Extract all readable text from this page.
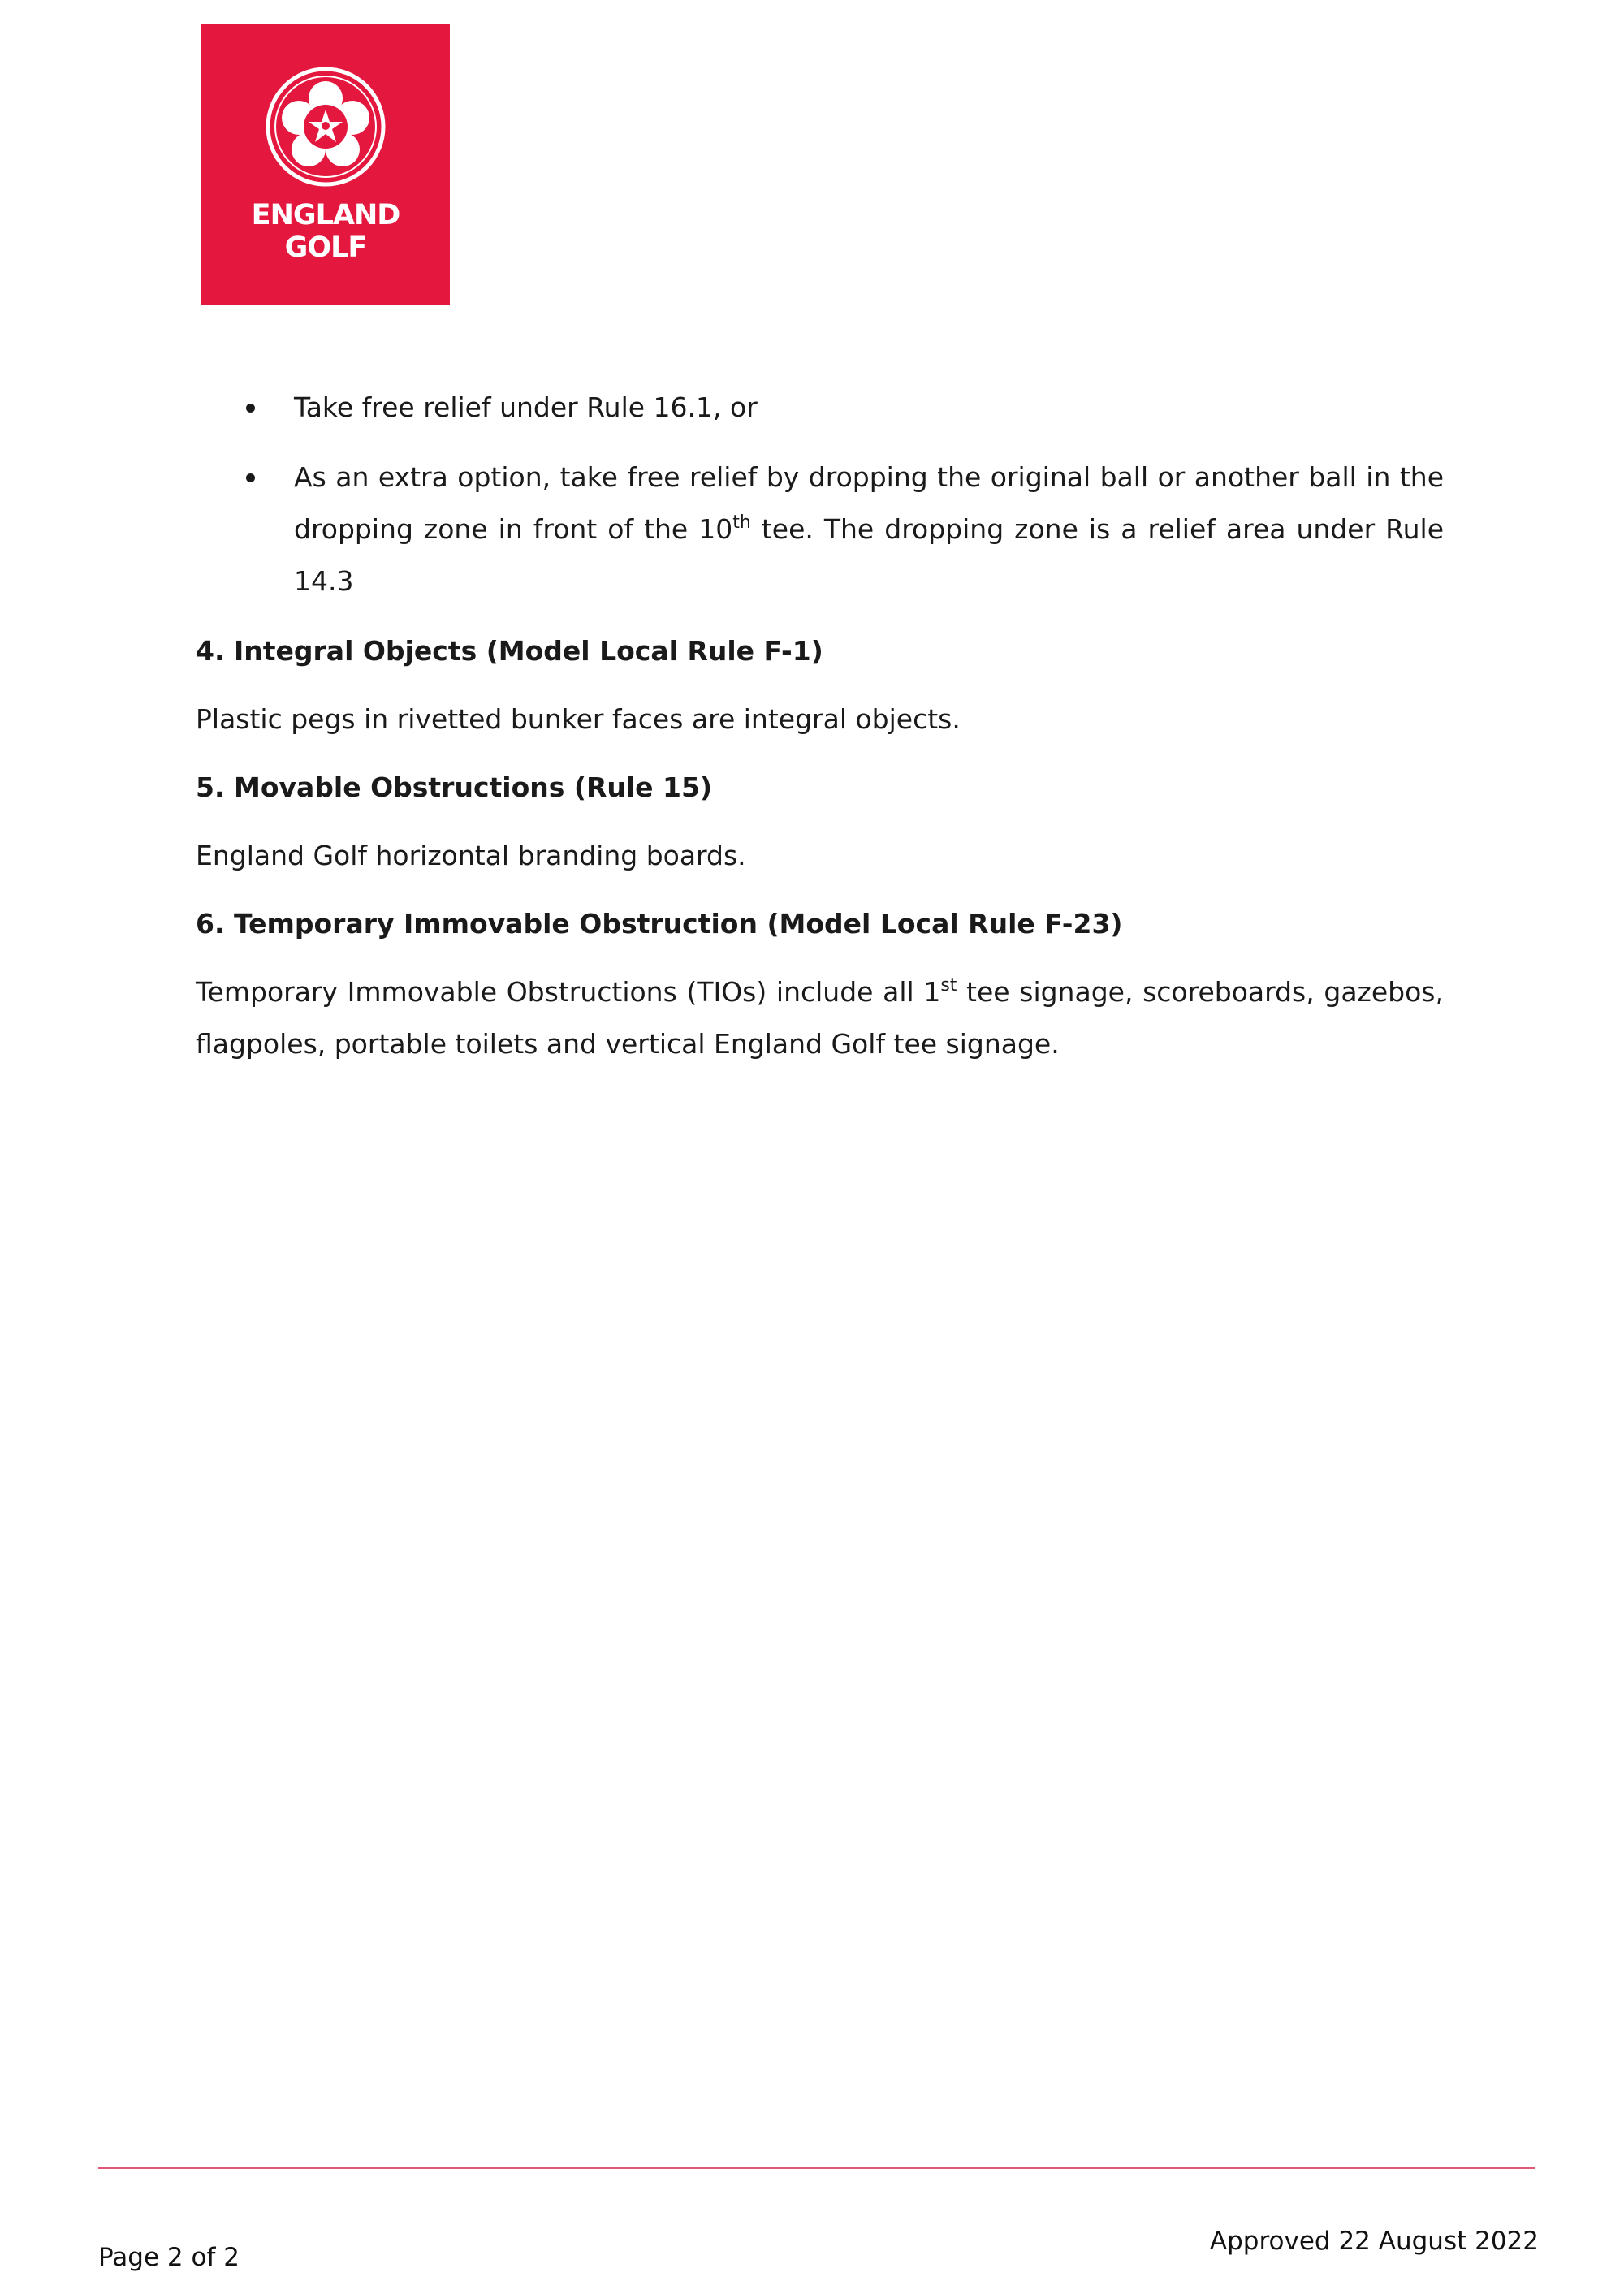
ENGLAND
GOLF
Take free relief under Rule 16.1, or
As an extra option, take free relief by dropping the original ball or another ball in the dropping zone in front of the 10th tee. The dropping zone is a relief area under Rule 14.3

4. Integral Objects (Model Local Rule F-1)

Plastic pegs in rivetted bunker faces are integral objects.

5. Movable Obstructions (Rule 15)

England Golf horizontal branding boards.

6. Temporary Immovable Obstruction (Model Local Rule F-23)

Temporary Immovable Obstructions (TIOs) include all 1st tee signage, scoreboards, gazebos, flagpoles, portable toilets and vertical England Golf tee signage.

Page 2 of 2
Approved 22 August 2022
